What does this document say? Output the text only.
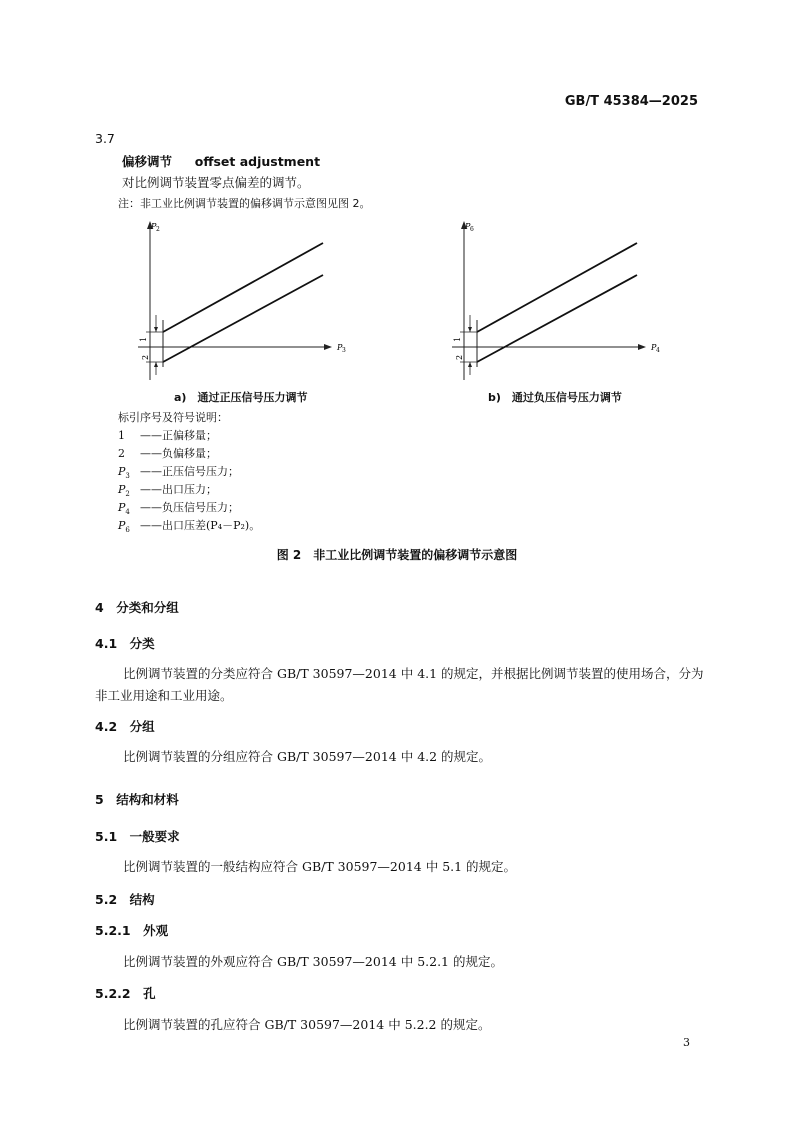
GB/T 45384—2025
3.7
偏移调节 offset adjustment
对比例调节装置零点偏差的调节。
注：非工业比例调节装置的偏移调节示意图见图 2。
1
2
P 2
P 3
1
2
P 6
P 4
a)　通过正压信号压力调节	b)　通过负压信号压力调节
标引序号及符号说明：
1 ——正偏移量；
2 ——负偏移量；
$P_3$ ——正压信号压力；
$P_2$ ——出口压力；
$P_4$ ——负压信号压力；
$P_6$ ——出口压差(P₄－P₂)。
图 2　非工业比例调节装置的偏移调节示意图
4　分类和分组
4.1　分类
比例调节装置的分类应符合 GB/T 30597—2014 中 4.1 的规定，并根据比例调节装置的使用场合，分为非工业用途和工业用途。
4.2　分组
比例调节装置的分组应符合 GB/T 30597—2014 中 4.2 的规定。
5　结构和材料
5.1　一般要求
比例调节装置的一般结构应符合 GB/T 30597—2014 中 5.1 的规定。
5.2　结构
5.2.1　外观
比例调节装置的外观应符合 GB/T 30597—2014 中 5.2.1 的规定。
5.2.2　孔
比例调节装置的孔应符合 GB/T 30597—2014 中 5.2.2 的规定。
3
